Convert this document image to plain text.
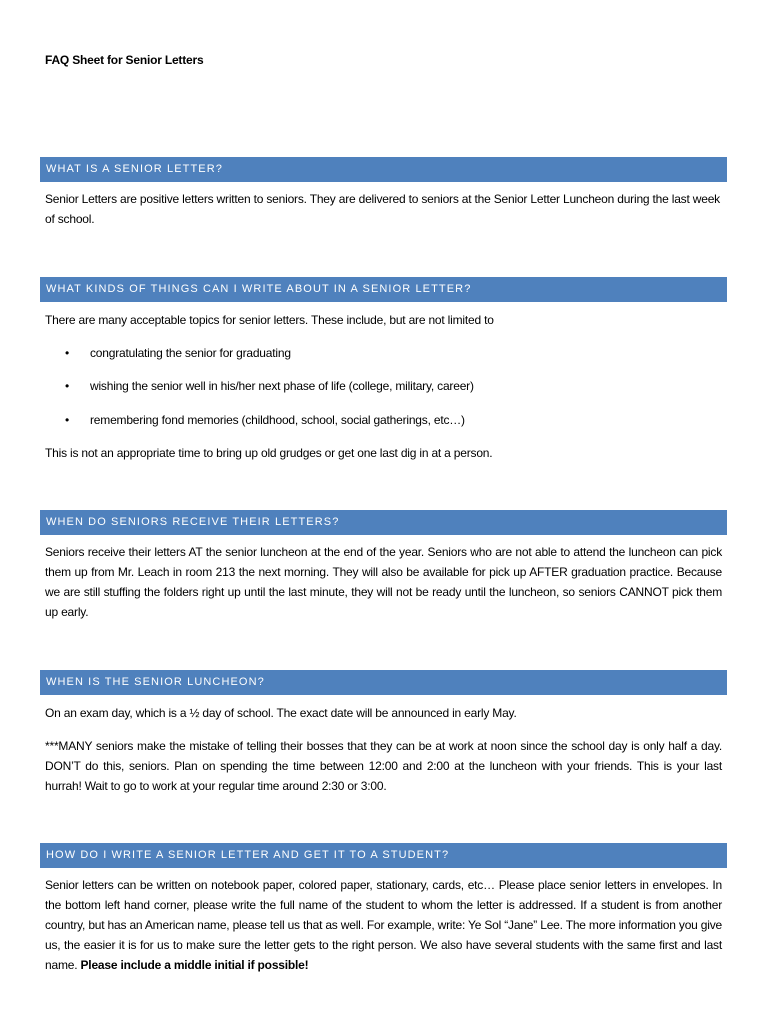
FAQ Sheet for Senior Letters
WHAT IS A SENIOR LETTER?
Senior Letters are positive letters written to seniors. They are delivered to seniors at the Senior Letter Luncheon during the last week of school.
WHAT KINDS OF THINGS CAN I WRITE ABOUT IN A SENIOR LETTER?
There are many acceptable topics for senior letters. These include, but are not limited to
• congratulating the senior for graduating
• wishing the senior well in his/her next phase of life (college, military, career)
• remembering fond memories (childhood, school, social gatherings, etc…)
This is not an appropriate time to bring up old grudges or get one last dig in at a person.
WHEN DO SENIORS RECEIVE THEIR LETTERS?
Seniors receive their letters AT the senior luncheon at the end of the year. Seniors who are not able to attend the luncheon can pick them up from Mr. Leach in room 213 the next morning. They will also be available for pick up AFTER graduation practice. Because we are still stuffing the folders right up until the last minute, they will not be ready until the luncheon, so seniors CANNOT pick them up early.
WHEN IS THE SENIOR LUNCHEON?
On an exam day, which is a ½ day of school. The exact date will be announced in early May.
***MANY seniors make the mistake of telling their bosses that they can be at work at noon since the school day is only half a day. DON’T do this, seniors. Plan on spending the time between 12:00 and 2:00 at the luncheon with your friends. This is your last hurrah! Wait to go to work at your regular time around 2:30 or 3:00.
HOW DO I WRITE A SENIOR LETTER AND GET IT TO A STUDENT?
Senior letters can be written on notebook paper, colored paper, stationary, cards, etc… Please place senior letters in envelopes. In the bottom left hand corner, please write the full name of the student to whom the letter is addressed. If a student is from another country, but has an American name, please tell us that as well. For example, write: Ye Sol “Jane” Lee. The more information you give us, the easier it is for us to make sure the letter gets to the right person. We also have several students with the same first and last name. Please include a middle initial if possible!
